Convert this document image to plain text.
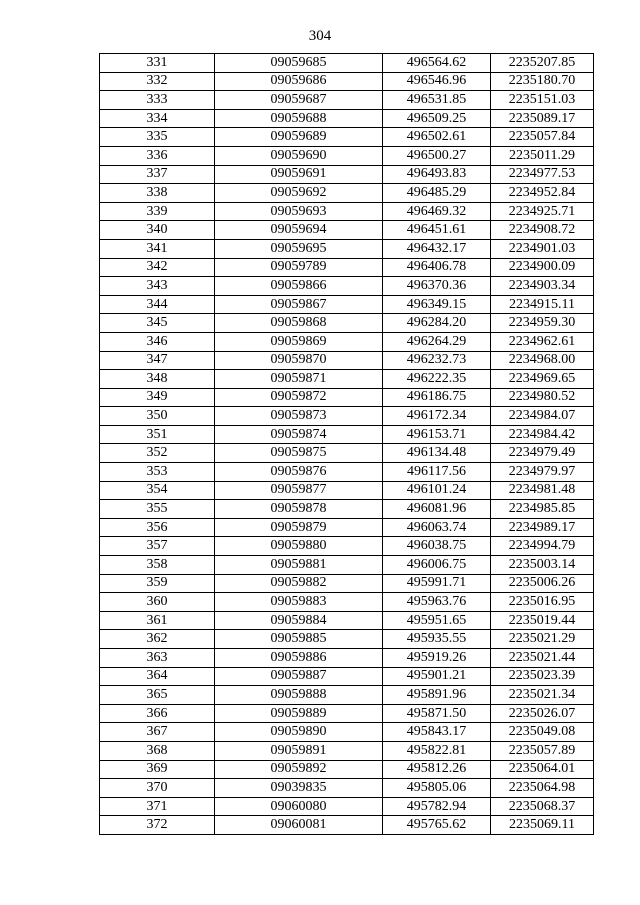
304
331	09059685	496564.62	2235207.85
332	09059686	496546.96	2235180.70
333	09059687	496531.85	2235151.03
334	09059688	496509.25	2235089.17
335	09059689	496502.61	2235057.84
336	09059690	496500.27	2235011.29
337	09059691	496493.83	2234977.53
338	09059692	496485.29	2234952.84
339	09059693	496469.32	2234925.71
340	09059694	496451.61	2234908.72
341	09059695	496432.17	2234901.03
342	09059789	496406.78	2234900.09
343	09059866	496370.36	2234903.34
344	09059867	496349.15	2234915.11
345	09059868	496284.20	2234959.30
346	09059869	496264.29	2234962.61
347	09059870	496232.73	2234968.00
348	09059871	496222.35	2234969.65
349	09059872	496186.75	2234980.52
350	09059873	496172.34	2234984.07
351	09059874	496153.71	2234984.42
352	09059875	496134.48	2234979.49
353	09059876	496117.56	2234979.97
354	09059877	496101.24	2234981.48
355	09059878	496081.96	2234985.85
356	09059879	496063.74	2234989.17
357	09059880	496038.75	2234994.79
358	09059881	496006.75	2235003.14
359	09059882	495991.71	2235006.26
360	09059883	495963.76	2235016.95
361	09059884	495951.65	2235019.44
362	09059885	495935.55	2235021.29
363	09059886	495919.26	2235021.44
364	09059887	495901.21	2235023.39
365	09059888	495891.96	2235021.34
366	09059889	495871.50	2235026.07
367	09059890	495843.17	2235049.08
368	09059891	495822.81	2235057.89
369	09059892	495812.26	2235064.01
370	09039835	495805.06	2235064.98
371	09060080	495782.94	2235068.37
372	09060081	495765.62	2235069.11
